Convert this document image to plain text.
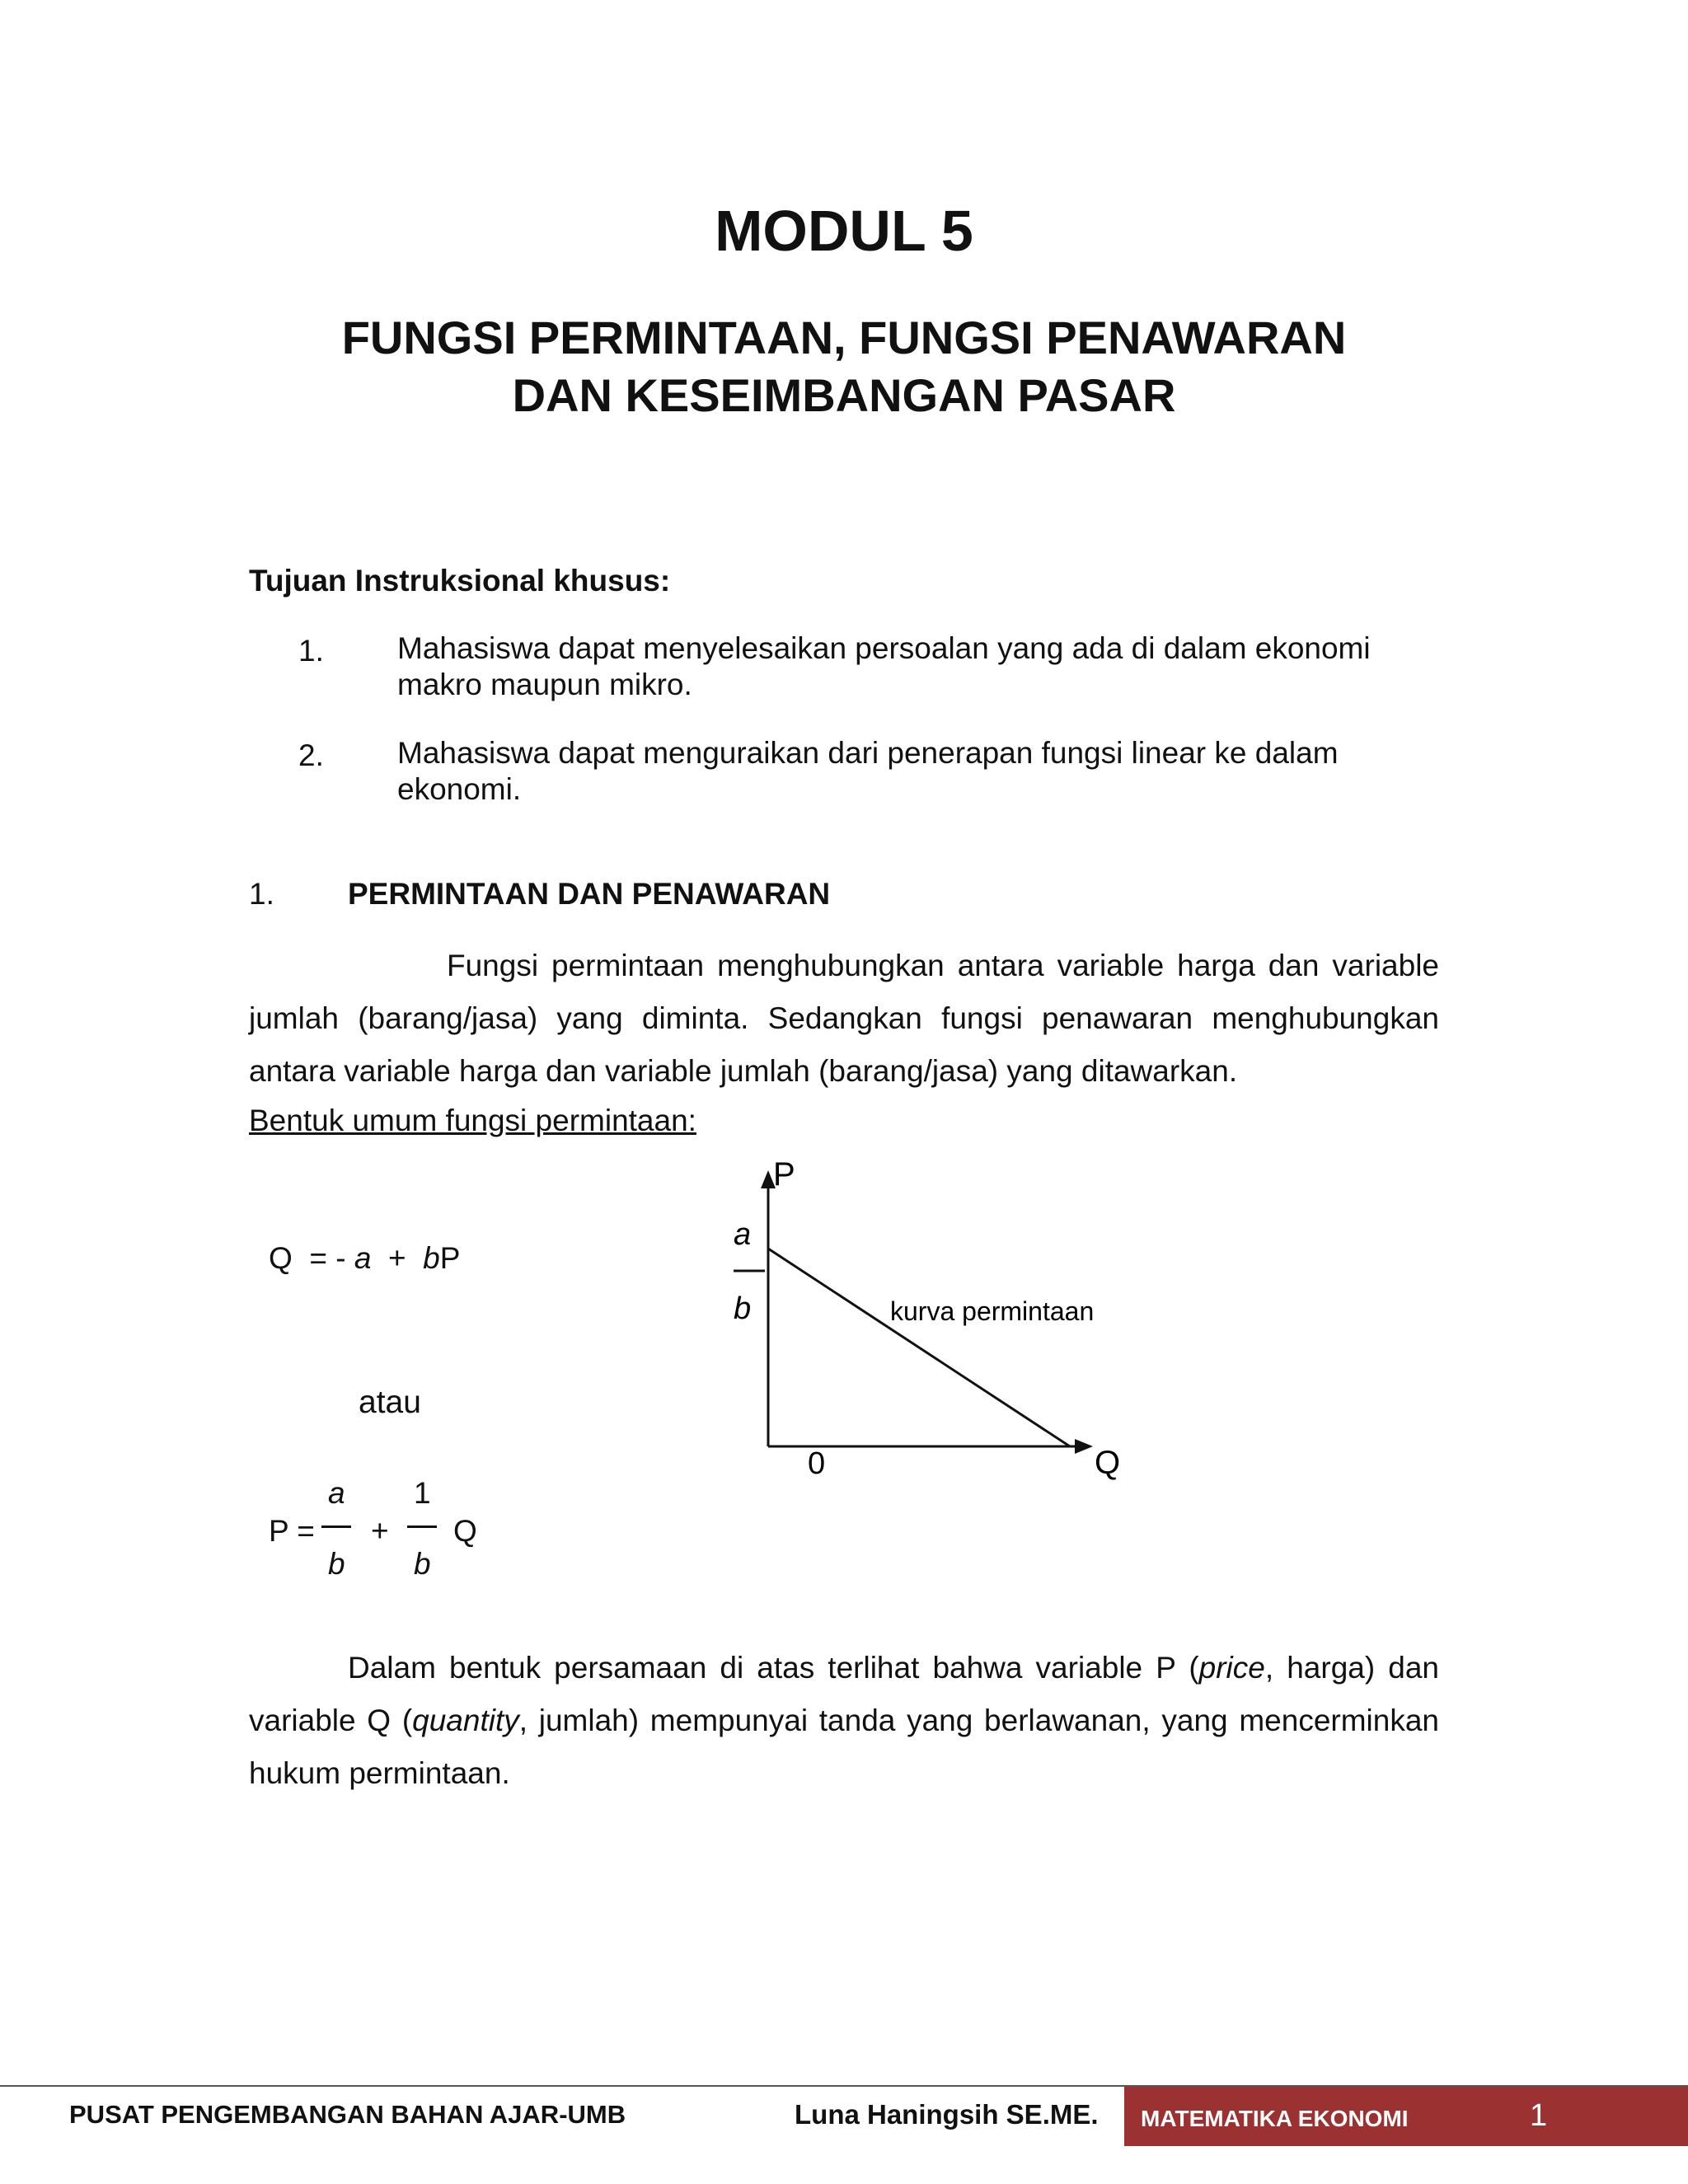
MODUL 5
FUNGSI PERMINTAAN, FUNGSI PENAWARAN
DAN KESEIMBANGAN PASAR
Tujuan Instruksional khusus:
1. Mahasiswa dapat menyelesaikan persoalan yang ada di dalam ekonomi
makro maupun mikro.
2. Mahasiswa dapat menguraikan dari penerapan fungsi linear ke dalam
ekonomi.
1. PERMINTAAN DAN PENAWARAN
Fungsi permintaan menghubungkan antara variable harga dan variable
jumlah (barang/jasa) yang diminta. Sedangkan fungsi penawaran menghubungkan
antara variable harga dan variable jumlah (barang/jasa) yang ditawarkan.
Bentuk umum fungsi permintaan:
Q  = - a  +  bP
atau
P =
a
b
+
1
b
Q
P
a
b	kurva permintaan
0	Q
Dalam bentuk persamaan di atas terlihat bahwa variable P (price, harga) dan
variable Q (quantity, jumlah) mempunyai tanda yang berlawanan, yang mencerminkan
hukum permintaan.
PUSAT PENGEMBANGAN BAHAN AJAR-UMB	Luna Haningsih SE.ME. MATEMATIKA EKONOMI	1
